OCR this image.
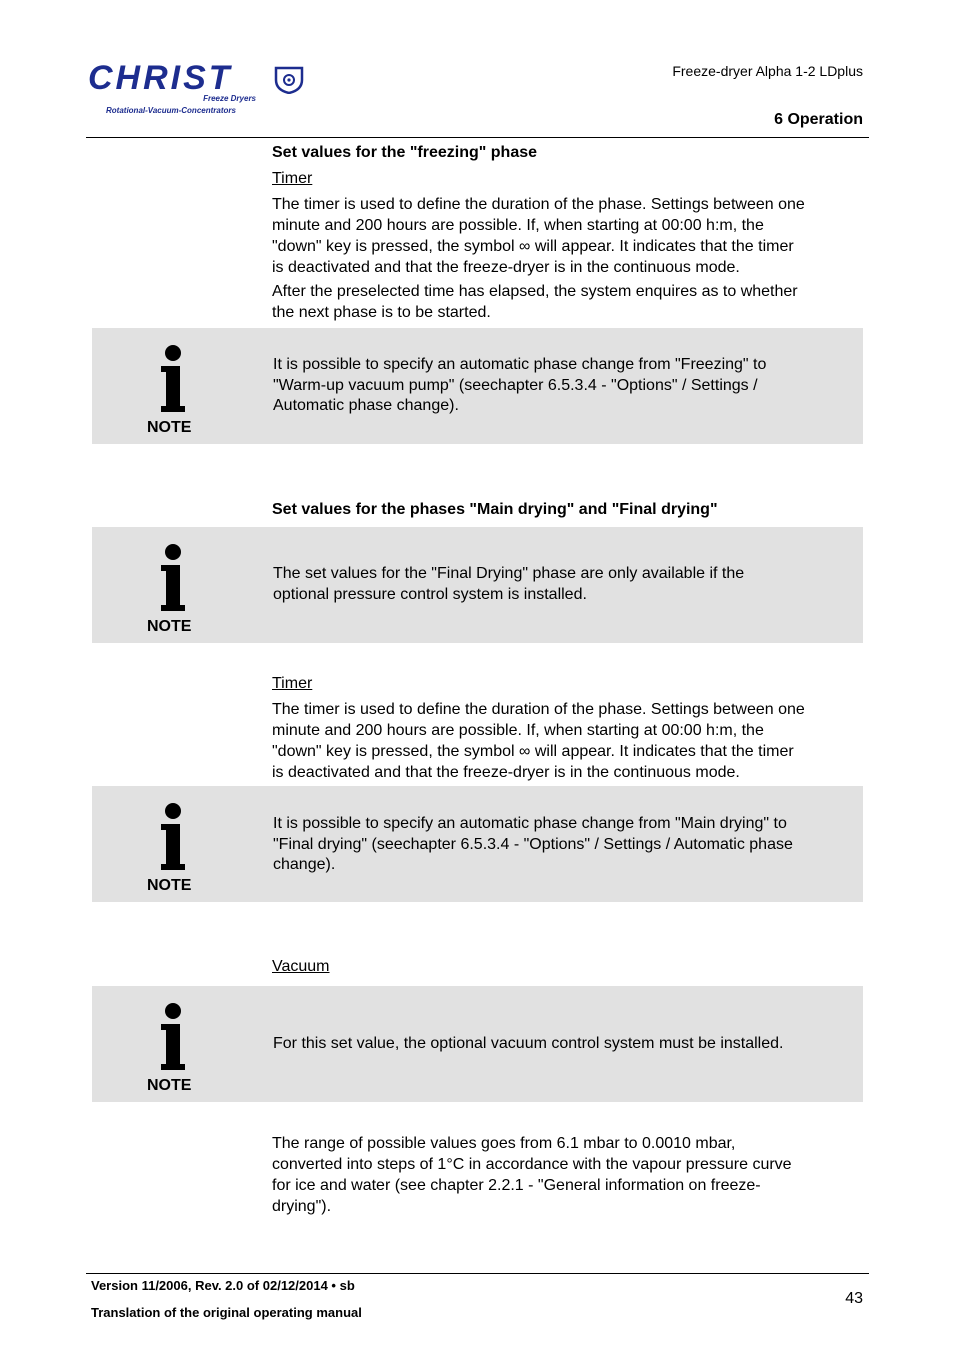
CHRIST
Freeze Dryers
Rotational-Vacuum-Concentrators
Freeze-dryer Alpha 1-2 LDplus
6 Operation
Set values for the "freezing" phase
Timer
The timer is used to define the duration of the phase. Settings between one
minute and 200 hours are possible. If, when starting at 00:00 h:m, the
"down" key is pressed, the symbol ∞ will appear. It indicates that the timer
is deactivated and that the freeze-dryer is in the continuous mode.
After the preselected time has elapsed, the system enquires as to whether
the next phase is to be started.
NOTE
It is possible to specify an automatic phase change from "Freezing" to
"Warm-up vacuum pump" (seechapter 6.5.3.4 - "Options" / Settings /
Automatic phase change).
Set values for the phases "Main drying" and "Final drying"
NOTE
The set values for the "Final Drying" phase are only available if the
optional pressure control system is installed.
Timer
The timer is used to define the duration of the phase. Settings between one
minute and 200 hours are possible. If, when starting at 00:00 h:m, the
"down" key is pressed, the symbol ∞ will appear. It indicates that the timer
is deactivated and that the freeze-dryer is in the continuous mode.
NOTE
It is possible to specify an automatic phase change from "Main drying" to
"Final drying" (seechapter 6.5.3.4 - "Options" / Settings / Automatic phase
change).
Vacuum
NOTE
For this set value, the optional vacuum control system must be installed.
The range of possible values goes from 6.1 mbar to 0.0010 mbar,
converted into steps of 1°C in accordance with the vapour pressure curve
for ice and water (see chapter 2.2.1 - "General information on freeze-
drying").
Version 11/2006, Rev. 2.0 of 02/12/2014 • sb
Translation of the original operating manual
43
